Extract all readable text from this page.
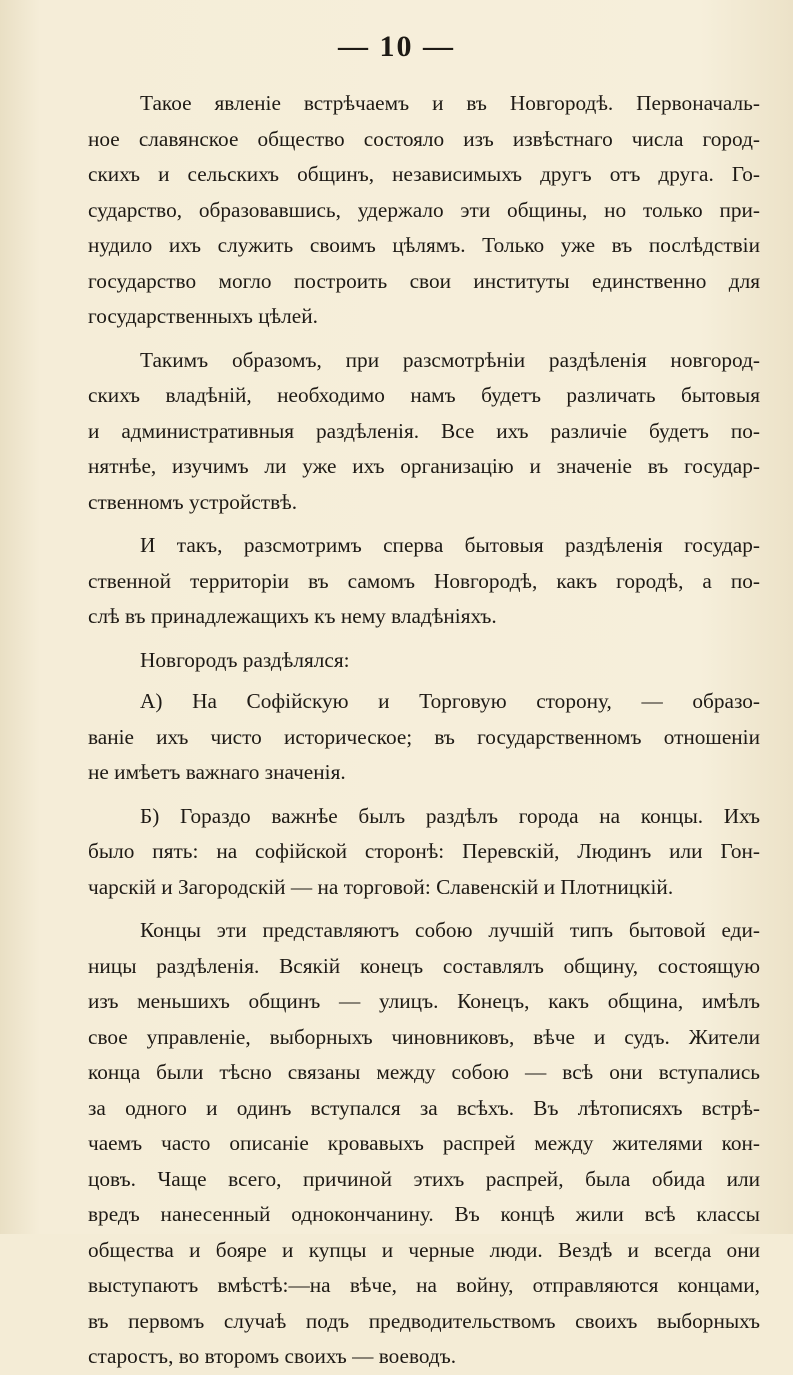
— 10 —
Такое явленіе встрѣчаемъ и въ Новгородѣ. Первоначаль-
ное славянское общество состояло изъ извѣстнаго числа город-
скихъ и сельскихъ общинъ, независимыхъ другъ отъ друга. Го-
сударство, образовавшись, удержало эти общины, но только при-
нудило ихъ служить своимъ цѣлямъ. Только уже въ послѣдствіи
государство могло построить свои институты единственно для
государственныхъ цѣлей.
Такимъ образомъ, при разсмотрѣніи раздѣленія новгород-
скихъ владѣній, необходимо намъ будетъ различать бытовыя
и административныя раздѣленія. Все ихъ различіе будетъ по-
нятнѣе, изучимъ ли уже ихъ организацію и значеніе въ государ-
ственномъ устройствѣ.
И такъ, разсмотримъ сперва бытовыя раздѣленія государ-
ственной территоріи въ самомъ Новгородѣ, какъ городѣ, а по-
слѣ въ принадлежащихъ къ нему владѣніяхъ.
Новгородъ раздѣлялся:
А) На Софійскую и Торговую сторону, — образо-
ваніе ихъ чисто историческое; въ государственномъ отношеніи
не имѣетъ важнаго значенія.
Б) Гораздо важнѣе былъ раздѣлъ города на концы. Ихъ
было пять: на софійской сторонѣ: Перевскій, Людинъ или Гон-
чарскій и Загородскій — на торговой: Славенскій и Плотницкій.
Концы эти представляютъ собою лучшій типъ бытовой еди-
ницы раздѣленія. Всякій конецъ составлялъ общину, состоящую
изъ меньшихъ общинъ — улицъ. Конецъ, какъ община, имѣлъ
свое управленіе, выборныхъ чиновниковъ, вѣче и судъ. Жители
конца были тѣсно связаны между собою — всѣ они вступались
за одного и одинъ вступался за всѣхъ. Въ лѣтописяхъ встрѣ-
чаемъ часто описаніе кровавыхъ распрей между жителями кон-
цовъ. Чаще всего, причиной этихъ распрей, была обида или
вредъ нанесенный однокончанину. Въ концѣ жили всѣ классы
общества и бояре и купцы и черные люди. Вездѣ и всегда они
выступаютъ вмѣстѣ:—на вѣче, на войну, отправляются концами,
въ первомъ случаѣ подъ предводительствомъ своихъ выборныхъ
старостъ, во второмъ своихъ — воеводъ.
